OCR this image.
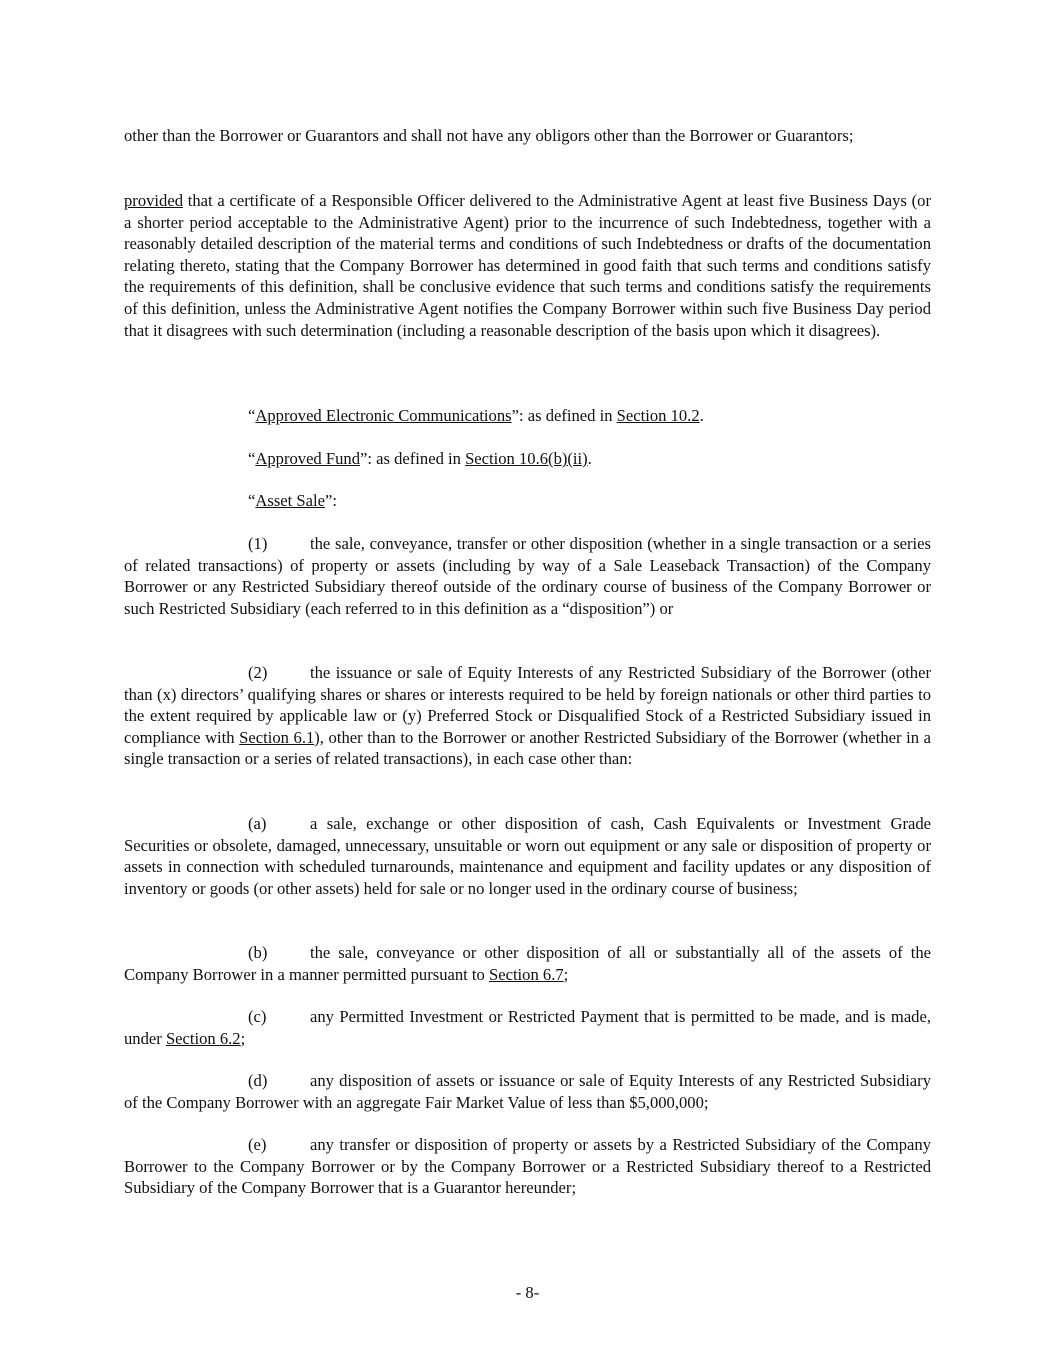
other than the Borrower or Guarantors and shall not have any obligors other than the Borrower or Guarantors;

provided that a certificate of a Responsible Officer delivered to the Administrative Agent at least five Business Days (or a shorter period acceptable to the Administrative Agent) prior to the incurrence of such Indebtedness, together with a reasonably detailed description of the material terms and conditions of such Indebtedness or drafts of the documentation relating thereto, stating that the Company Borrower has determined in good faith that such terms and conditions satisfy the requirements of this definition, shall be conclusive evidence that such terms and conditions satisfy the requirements of this definition, unless the Administrative Agent notifies the Company Borrower within such five Business Day period that it disagrees with such determination (including a reasonable description of the basis upon which it disagrees).

“Approved Electronic Communications”: as defined in Section 10.2.

“Approved Fund”: as defined in Section 10.6(b)(ii).

“Asset Sale”:

(1)	the sale, conveyance, transfer or other disposition (whether in a single transaction or a series of related transactions) of property or assets (including by way of a Sale Leaseback Transaction) of the Company Borrower or any Restricted Subsidiary thereof outside of the ordinary course of business of the Company Borrower or such Restricted Subsidiary (each referred to in this definition as a “disposition”) or

(2)	the issuance or sale of Equity Interests of any Restricted Subsidiary of the Borrower (other than (x) directors’ qualifying shares or shares or interests required to be held by foreign nationals or other third parties to the extent required by applicable law or (y) Preferred Stock or Disqualified Stock of a Restricted Subsidiary issued in compliance with Section 6.1), other than to the Borrower or another Restricted Subsidiary of the Borrower (whether in a single transaction or a series of related transactions), in each case other than:

(a)	a sale, exchange or other disposition of cash, Cash Equivalents or Investment Grade Securities or obsolete, damaged, unnecessary, unsuitable or worn out equipment or any sale or disposition of property or assets in connection with scheduled turnarounds, maintenance and equipment and facility updates or any disposition of inventory or goods (or other assets) held for sale or no longer used in the ordinary course of business;

(b)	the sale, conveyance or other disposition of all or substantially all of the assets of the Company Borrower in a manner permitted pursuant to Section 6.7;

(c)	any Permitted Investment or Restricted Payment that is permitted to be made, and is made, under Section 6.2;

(d)	any disposition of assets or issuance or sale of Equity Interests of any Restricted Subsidiary of the Company Borrower with an aggregate Fair Market Value of less than $5,000,000;

(e)	any transfer or disposition of property or assets by a Restricted Subsidiary of the Company Borrower to the Company Borrower or by the Company Borrower or a Restricted Subsidiary thereof to a Restricted Subsidiary of the Company Borrower that is a Guarantor hereunder;

- 8-
